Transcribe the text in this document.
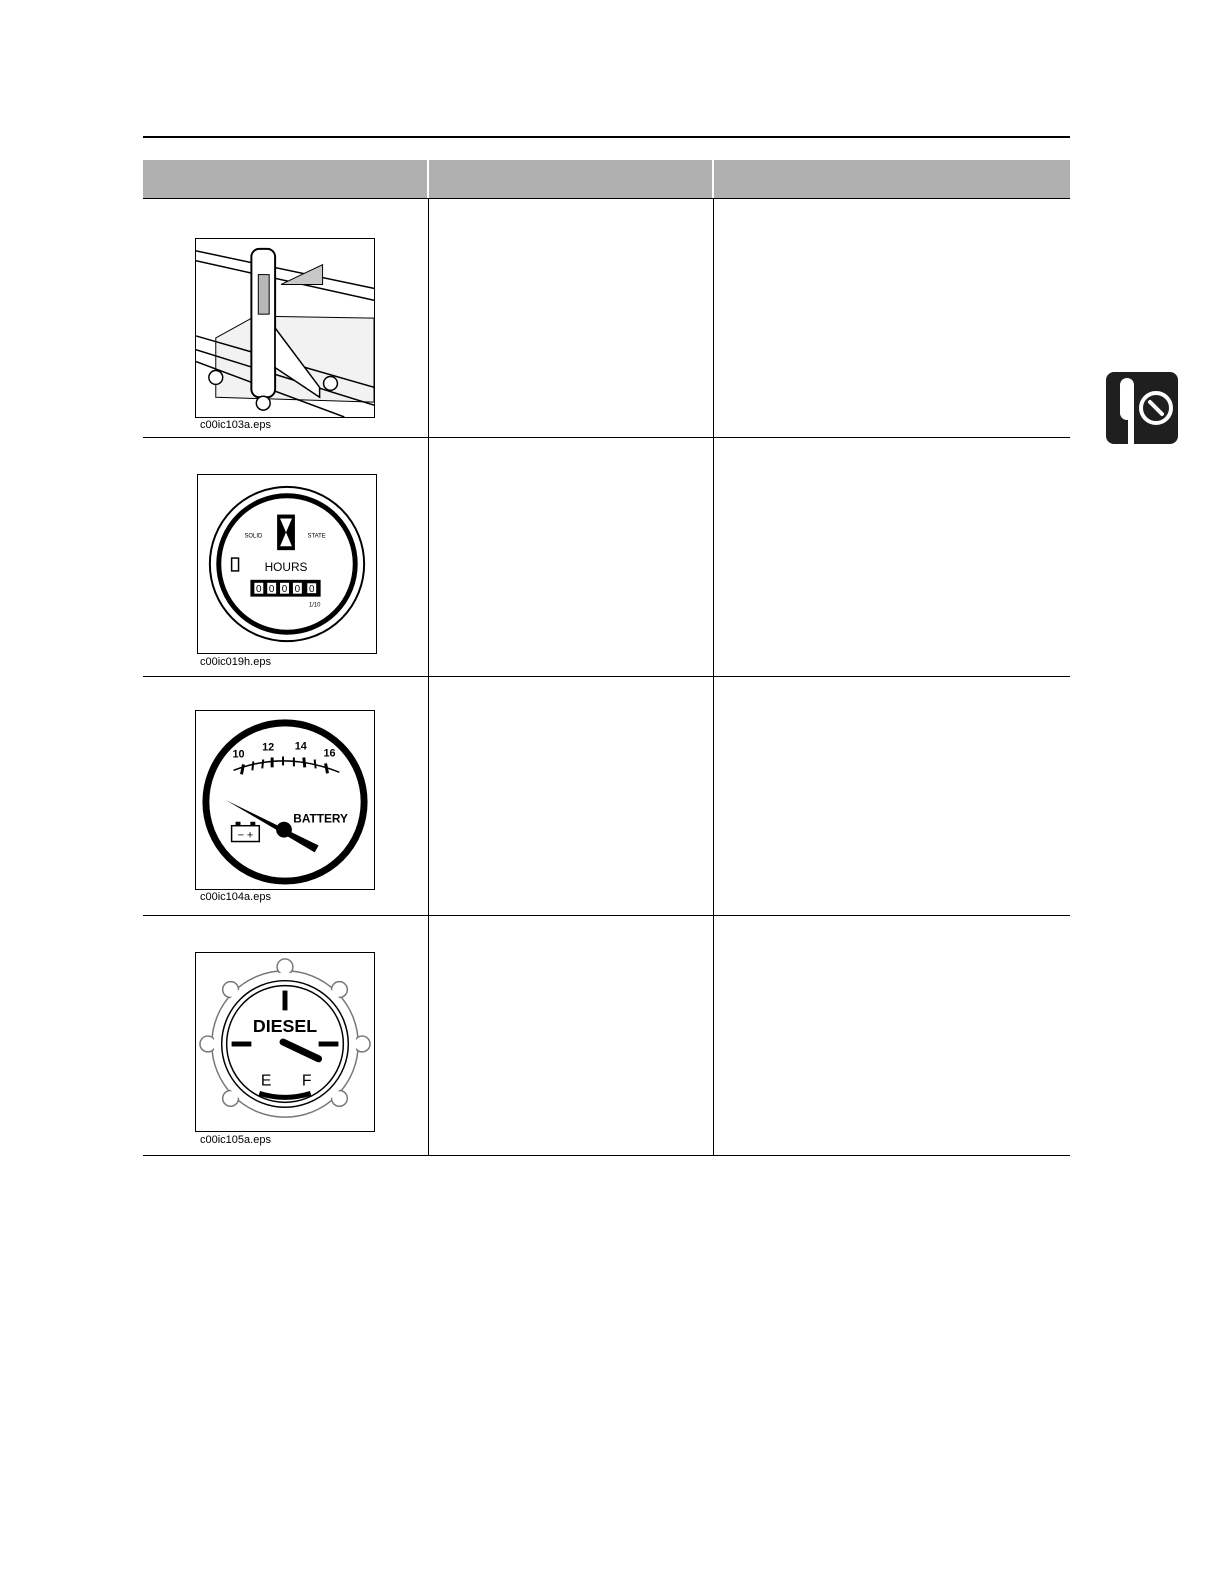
c00ic103a.eps
SOLID	STATE
HOURS
0 0 0 0 0
1/10
c00ic019h.eps
10
12 14
16
BATTERY
− +
c00ic104a.eps
DIESEL
E F
c00ic105a.eps
